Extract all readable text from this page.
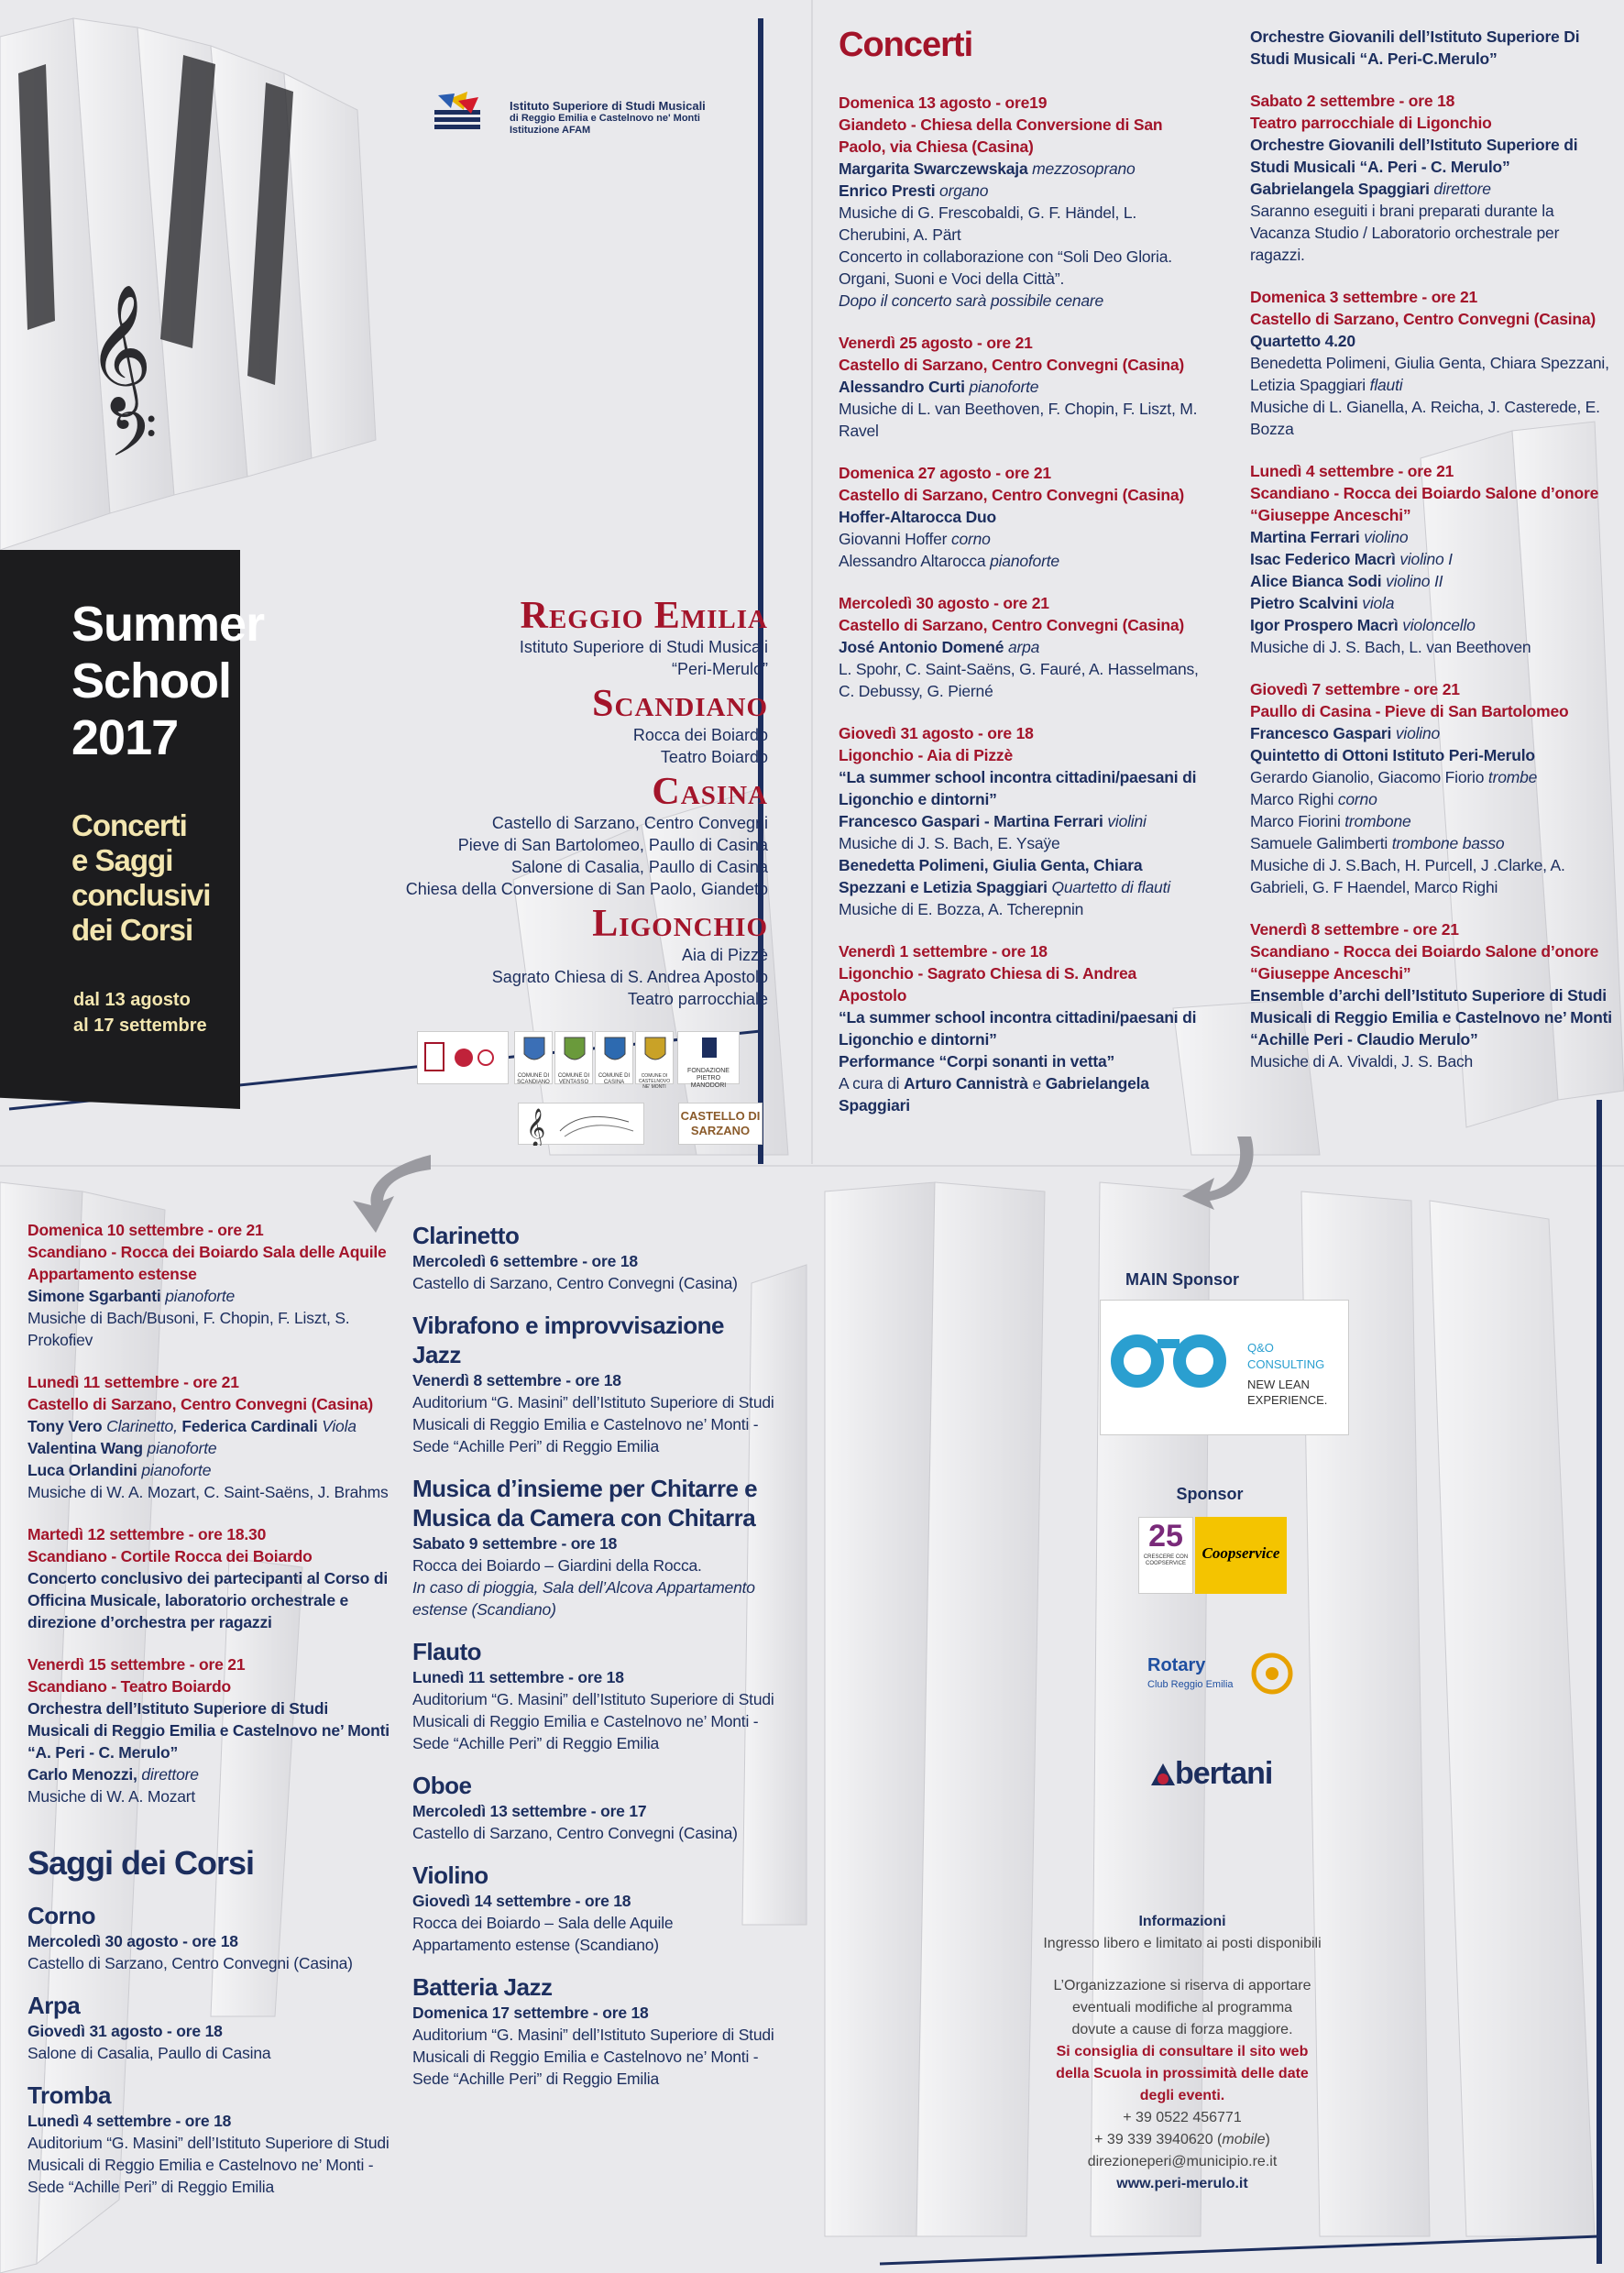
𝄞
𝄢
Istituto Superiore di Studi Musicali
di Reggio Emilia e Castelnovo ne' Monti
Istituzione AFAM
Summer
School
2017
Concerti
e Saggi
conclusivi
dei Corsi
dal 13 agosto
al 17 settembre
Reggio Emilia
Istituto Superiore di Studi Musicali
“Peri-Merulo”
Scandiano
Rocca dei Boiardo
Teatro Boiardo
Casina
Castello di Sarzano, Centro Convegni
Pieve di San Bartolomeo, Paullo di Casina
Salone di Casalia, Paullo di Casina
Chiesa della Conversione di San Paolo, Giandeto
Ligonchio
Aia di Pizzè
Sagrato Chiesa di S. Andrea Apostolo
Teatro parrocchiale
COMUNE DI SCANDIANO
COMUNE DI VENTASSO
COMUNE DI CASINA
COMUNE DI CASTELNOVO NE' MONTI
FONDAZIONE PIETRO MANODORI
𝄞	CASTELLO DI SARZANO
Concerti
Domenica 13 agosto - ore19
Giandeto - Chiesa della Conversione di San Paolo, via Chiesa (Casina)
Margarita Swarczewskaja mezzosoprano
Enrico Presti organo
Musiche di G. Frescobaldi, G. F. Händel, L. Cherubini, A. Pärt
Concerto in collaborazione con “Soli Deo Gloria. Organi, Suoni e Voci della Città”.
Dopo il concerto sarà possibile cenare
Venerdì 25 agosto - ore 21
Castello di Sarzano, Centro Convegni (Casina)
Alessandro Curti pianoforte
Musiche di L. van Beethoven, F. Chopin, F. Liszt, M. Ravel
Domenica 27 agosto - ore 21
Castello di Sarzano, Centro Convegni (Casina)
Hoffer-Altarocca Duo
Giovanni Hoffer corno
Alessandro Altarocca pianoforte
Mercoledì 30 agosto - ore 21
Castello di Sarzano, Centro Convegni (Casina)
José Antonio Domené arpa
L. Spohr, C. Saint-Saëns, G. Fauré, A. Hasselmans, C. Debussy, G. Pierné
Giovedì 31 agosto - ore 18
Ligonchio - Aia di Pizzè
“La summer school incontra cittadini/paesani di Ligonchio e dintorni”
Francesco Gaspari - Martina Ferrari violini
Musiche di J. S. Bach, E. Ysaÿe
Benedetta Polimeni, Giulia Genta, Chiara Spezzani e Letizia Spaggiari Quartetto di flauti
Musiche di E. Bozza, A. Tcherepnin
Venerdì 1 settembre - ore 18
Ligonchio - Sagrato Chiesa di S. Andrea Apostolo
“La summer school incontra cittadini/paesani di Ligonchio e dintorni”
Performance “Corpi sonanti in vetta”
A cura di Arturo Cannistrà e Gabrielangela Spaggiari
Orchestre Giovanili dell’Istituto Superiore Di Studi Musicali “A. Peri-C.Merulo”
Sabato 2 settembre - ore 18
Teatro parrocchiale di Ligonchio
Orchestre Giovanili dell’Istituto Superiore di Studi Musicali “A. Peri - C. Merulo”
Gabrielangela Spaggiari direttore
Saranno eseguiti i brani preparati durante la Vacanza Studio / Laboratorio orchestrale per ragazzi.
Domenica 3 settembre - ore 21
Castello di Sarzano, Centro Convegni (Casina)
Quartetto 4.20
Benedetta Polimeni, Giulia Genta, Chiara Spezzani, Letizia Spaggiari flauti
Musiche di L. Gianella, A. Reicha, J. Casterede, E. Bozza
Lunedì 4 settembre - ore 21
Scandiano - Rocca dei Boiardo Salone d’onore “Giuseppe Anceschi”
Martina Ferrari violino
Isac Federico Macrì violino I
Alice Bianca Sodi violino II
Pietro Scalvini viola
Igor Prospero Macrì violoncello
Musiche di J. S. Bach, L. van Beethoven
Giovedì 7 settembre - ore 21
Paullo di Casina - Pieve di San Bartolomeo
Francesco Gaspari violino
Quintetto di Ottoni Istituto Peri-Merulo
Gerardo Gianolio, Giacomo Fiorio trombe
Marco Righi corno
Marco Fiorini trombone
Samuele Galimberti trombone basso
Musiche di J. S.Bach, H. Purcell, J .Clarke, A. Gabrieli, G. F Haendel, Marco Righi
Venerdì 8 settembre - ore 21
Scandiano - Rocca dei Boiardo Salone d’onore “Giuseppe Anceschi”
Ensemble d’archi dell’Istituto Superiore di Studi Musicali di Reggio Emilia e Castelnovo ne’ Monti “Achille Peri - Claudio Merulo”
Musiche di A. Vivaldi, J. S. Bach
Domenica 10 settembre - ore 21
Scandiano - Rocca dei Boiardo Sala delle Aquile Appartamento estense
Simone Sgarbanti pianoforte
Musiche di Bach/Busoni, F. Chopin, F. Liszt, S. Prokofiev
Lunedì 11 settembre - ore 21
Castello di Sarzano, Centro Convegni (Casina)
Tony Vero Clarinetto, Federica Cardinali Viola
Valentina Wang pianoforte
Luca Orlandini pianoforte
Musiche di W. A. Mozart, C. Saint-Saëns, J. Brahms
Martedì 12 settembre - ore 18.30
Scandiano - Cortile Rocca dei Boiardo
Concerto conclusivo dei partecipanti al Corso di Officina Musicale, laboratorio orchestrale e direzione d’orchestra per ragazzi
Venerdì 15 settembre - ore 21
Scandiano - Teatro Boiardo
Orchestra dell’Istituto Superiore di Studi Musicali di Reggio Emilia e Castelnovo ne’ Monti “A. Peri - C. Merulo”
Carlo Menozzi, direttore
Musiche di W. A. Mozart
Saggi dei Corsi
Corno
Mercoledì 30 agosto - ore 18
Castello di Sarzano, Centro Convegni (Casina)
Arpa
Giovedì 31 agosto - ore 18
Salone di Casalia, Paullo di Casina
Tromba
Lunedì 4 settembre - ore 18
Auditorium “G. Masini” dell’Istituto Superiore di Studi Musicali di Reggio Emilia e Castelnovo ne’ Monti - Sede “Achille Peri” di Reggio Emilia
Clarinetto
Mercoledì 6 settembre - ore 18
Castello di Sarzano, Centro Convegni (Casina)
Vibrafono e improvvisazione Jazz
Venerdì 8 settembre - ore 18
Auditorium “G. Masini” dell’Istituto Superiore di Studi Musicali di Reggio Emilia e Castelnovo ne’ Monti - Sede “Achille Peri” di Reggio Emilia
Musica d’insieme per Chitarre e Musica da Camera con Chitarra
Sabato 9 settembre - ore 18
Rocca dei Boiardo – Giardini della Rocca.
In caso di pioggia, Sala dell’Alcova Appartamento estense (Scandiano)
Flauto
Lunedì 11 settembre - ore 18
Auditorium “G. Masini” dell’Istituto Superiore di Studi Musicali di Reggio Emilia e Castelnovo ne’ Monti - Sede “Achille Peri” di Reggio Emilia
Oboe
Mercoledì 13 settembre - ore 17
Castello di Sarzano, Centro Convegni (Casina)
Violino
Giovedì 14 settembre - ore 18
Rocca dei Boiardo – Sala delle Aquile Appartamento estense (Scandiano)
Batteria Jazz
Domenica 17 settembre - ore 18
Auditorium “G. Masini” dell’Istituto Superiore di Studi Musicali di Reggio Emilia e Castelnovo ne’ Monti - Sede “Achille Peri” di Reggio Emilia
MAIN Sponsor
Q&O
CONSULTING
NEW LEAN
EXPERIENCE.
Sponsor
25
CRESCERE CON COOPSERVICE
Coopservice
Rotary
Club Reggio Emilia
bertani
Informazioni
Ingresso libero e limitato ai posti disponibili
L’Organizzazione si riserva di apportare
eventuali modifiche al programma
dovute a cause di forza maggiore.
Si consiglia di consultare il sito web
della Scuola in prossimità delle date
degli eventi.
+ 39 0522 456771
+ 39 339 3940620 (mobile)
direzioneperi@municipio.re.it
www.peri-merulo.it
